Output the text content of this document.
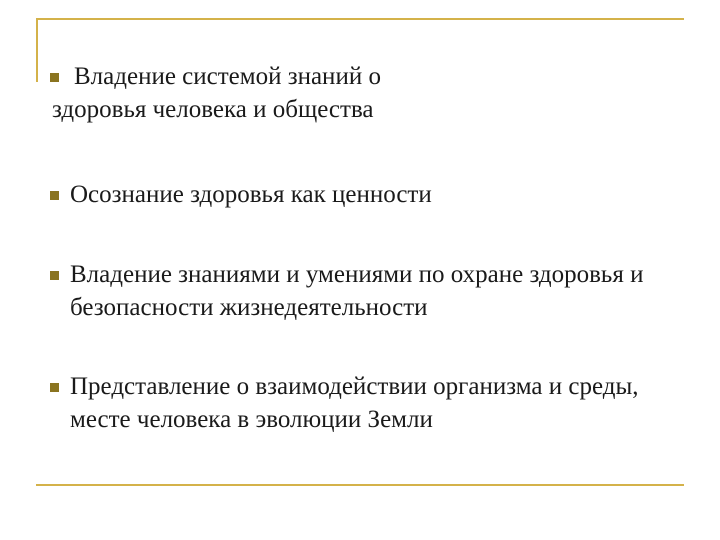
Владение системой знаний о
здоровья человека и общества
Осознание здоровья как ценности
Владение знаниями и умениями по охране здоровья и безопасности жизнедеятельности
Представление о взаимодействии организма и среды, месте человека в эволюции Земли
